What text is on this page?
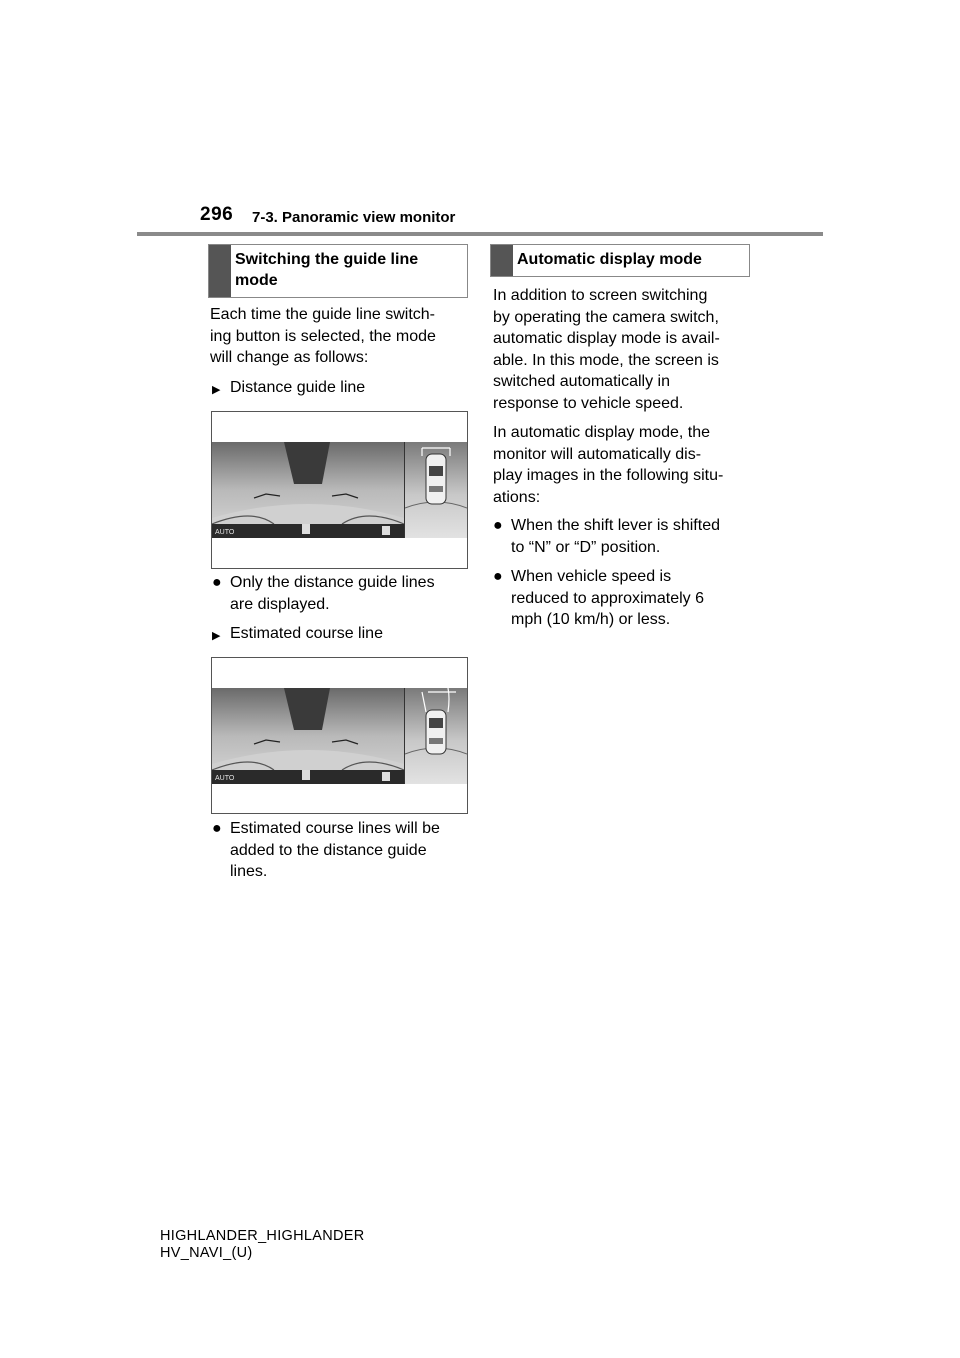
296 7-3. Panoramic view monitor
Switching the guide line mode
Each time the guide line switch-
ing button is selected, the mode
will change as follows:
▶ Distance guide line
AUTO
● Only the distance guide lines
are displayed.
▶ Estimated course line
AUTO
● Estimated course lines will be
added to the distance guide
lines.
Automatic display mode
In addition to screen switching
by operating the camera switch,
automatic display mode is avail-
able. In this mode, the screen is
switched automatically in
response to vehicle speed.
In automatic display mode, the
monitor will automatically dis-
play images in the following situ-
ations:
● When the shift lever is shifted
to “N” or “D” position.
● When vehicle speed is
reduced to approximately 6
mph (10 km/h) or less.
HIGHLANDER_HIGHLANDER
HV_NAVI_(U)
